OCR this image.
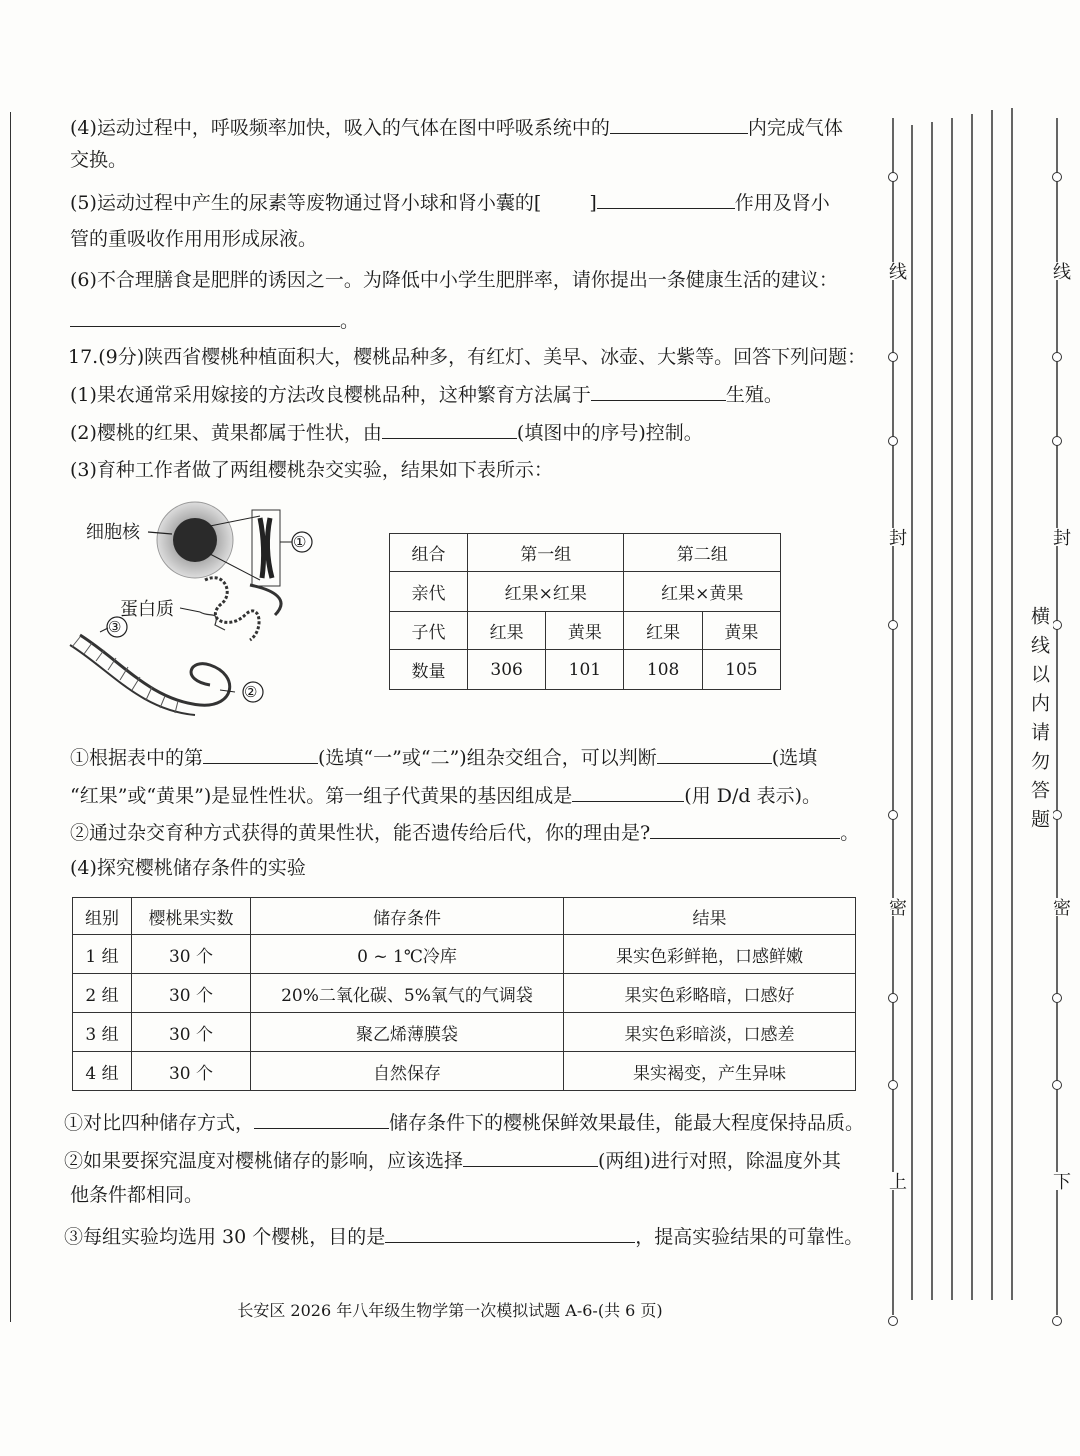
(4)运动过程中，呼吸频率加快，吸入的气体在图中呼吸系统中的	内完成气体
交换。
(5)运动过程中产生的尿素等废物通过肾小球和肾小囊的[	]	作用及肾小
管的重吸收作用用形成尿液。
(6)不合理膳食是肥胖的诱因之一。为降低中小学生肥胖率，请你提出一条健康生活的建议：
。
17.(9分)陕西省樱桃种植面积大，樱桃品种多，有红灯、美早、冰壶、大紫等。回答下列问题：
(1)果农通常采用嫁接的方法改良樱桃品种，这种繁育方法属于	生殖。
(2)樱桃的红果、黄果都属于性状，由	(填图中的序号)控制。
(3)育种工作者做了两组樱桃杂交实验，结果如下表所示：
细胞核
蛋白质
①
②
③
组合	第一组		第二组	
亲代	红果×红果		红果×黄果	
子代	红果	黄果	红果	黄果
数量	306	101	108	105
①根据表中的第	(选填“一”或“二”)组杂交组合，可以判断	(选填
“红果”或“黄果”)是显性性状。第一组子代黄果的基因组成是	(用 D/d 表示)。
②通过杂交育种方式获得的黄果性状，能否遗传给后代，你的理由是?	。
(4)探究樱桃储存条件的实验
组别	樱桃果实数	储存条件	结果
1 组	30 个	0 ~ 1℃冷库	果实色彩鲜艳，口感鲜嫩
2 组	30 个	20%二氧化碳、5%氧气的气调袋	果实色彩略暗，口感好
3 组	30 个	聚乙烯薄膜袋	果实色彩暗淡，口感差
4 组	30 个	自然保存	果实褐变，产生异味
①对比四种储存方式，	储存条件下的樱桃保鲜效果最佳，能最大程度保持品质。
②如果要探究温度对樱桃储存的影响，应该选择	(两组)进行对照，除温度外其
他条件都相同。
③每组实验均选用 30 个樱桃，目的是	，提高实验结果的可靠性。
长安区 2026 年八年级生物学第一次模拟试题 A-6-(共 6 页)
线
封
密
上
线
封
密
下
横线以内请勿答题
